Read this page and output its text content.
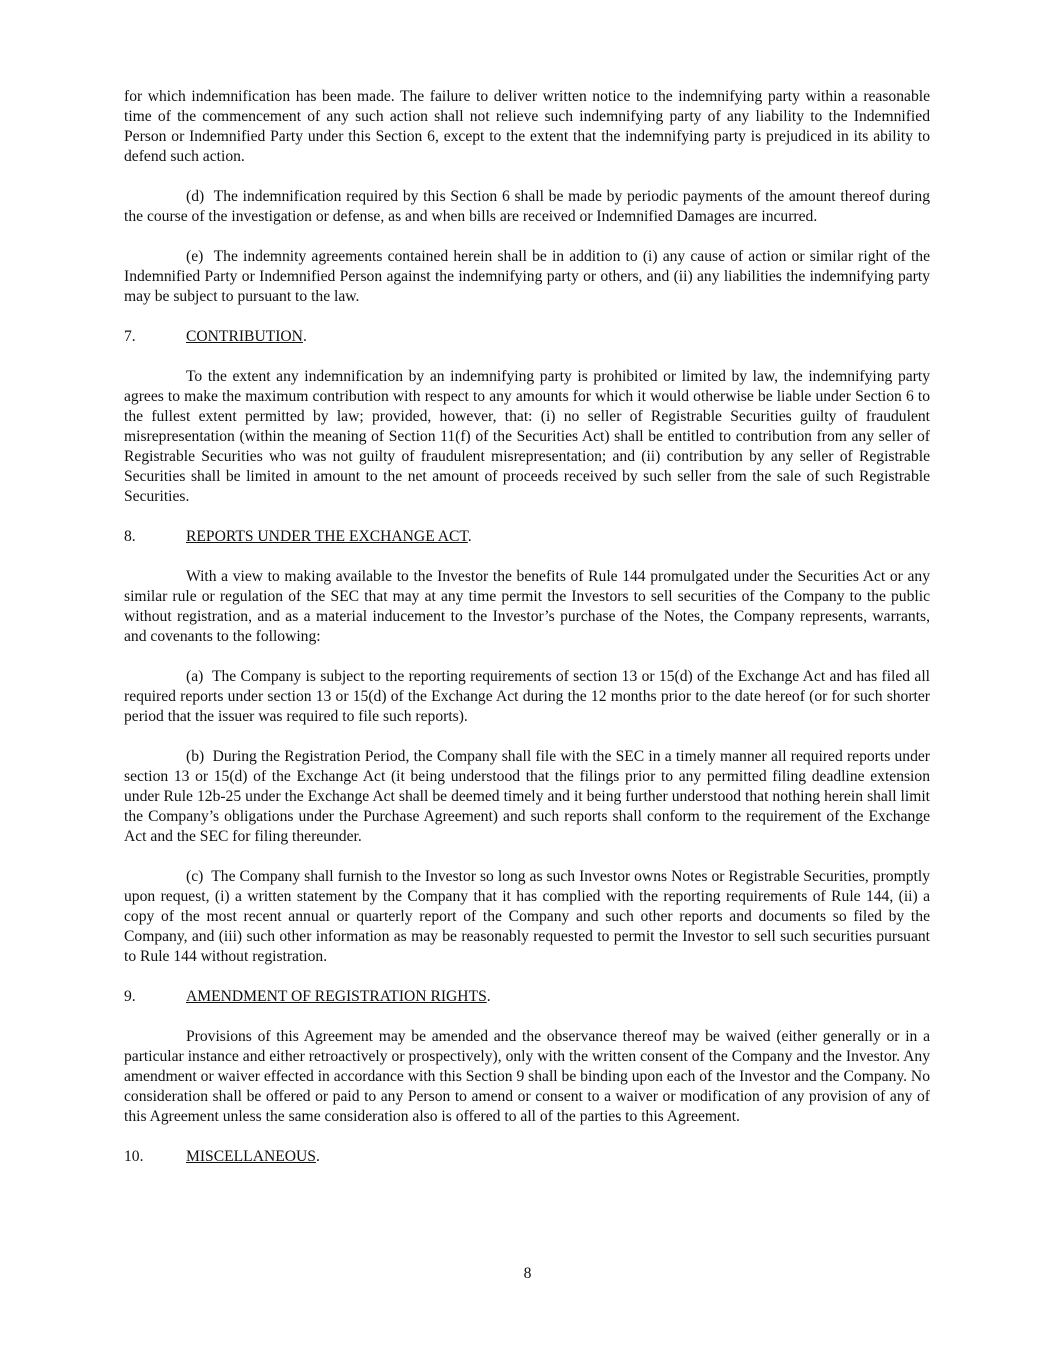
for which indemnification has been made. The failure to deliver written notice to the indemnifying party within a reasonable time of the commencement of any such action shall not relieve such indemnifying party of any liability to the Indemnified Person or Indemnified Party under this Section 6, except to the extent that the indemnifying party is prejudiced in its ability to defend such action.

(d)  The indemnification required by this Section 6 shall be made by periodic payments of the amount thereof during the course of the investigation or defense, as and when bills are received or Indemnified Damages are incurred.

(e)  The indemnity agreements contained herein shall be in addition to (i) any cause of action or similar right of the Indemnified Party or Indemnified Person against the indemnifying party or others, and (ii) any liabilities the indemnifying party may be subject to pursuant to the law.

7.	CONTRIBUTION.

To the extent any indemnification by an indemnifying party is prohibited or limited by law, the indemnifying party agrees to make the maximum contribution with respect to any amounts for which it would otherwise be liable under Section 6 to the fullest extent permitted by law; provided, however, that: (i) no seller of Registrable Securities guilty of fraudulent misrepresentation (within the meaning of Section 11(f) of the Securities Act) shall be entitled to contribution from any seller of Registrable Securities who was not guilty of fraudulent misrepresentation; and (ii) contribution by any seller of Registrable Securities shall be limited in amount to the net amount of proceeds received by such seller from the sale of such Registrable Securities.

8.	REPORTS UNDER THE EXCHANGE ACT.

With a view to making available to the Investor the benefits of Rule 144 promulgated under the Securities Act or any similar rule or regulation of the SEC that may at any time permit the Investors to sell securities of the Company to the public without registration, and as a material inducement to the Investor’s purchase of the Notes, the Company represents, warrants, and covenants to the following:

(a)  The Company is subject to the reporting requirements of section 13 or 15(d) of the Exchange Act and has filed all required reports under section 13 or 15(d) of the Exchange Act during the 12 months prior to the date hereof (or for such shorter period that the issuer was required to file such reports).

(b)  During the Registration Period, the Company shall file with the SEC in a timely manner all required reports under section 13 or 15(d) of the Exchange Act (it being understood that the filings prior to any permitted filing deadline extension under Rule 12b-25 under the Exchange Act shall be deemed timely and it being further understood that nothing herein shall limit the Company’s obligations under the Purchase Agreement) and such reports shall conform to the requirement of the Exchange Act and the SEC for filing thereunder.

(c)  The Company shall furnish to the Investor so long as such Investor owns Notes or Registrable Securities, promptly upon request, (i) a written statement by the Company that it has complied with the reporting requirements of Rule 144, (ii) a copy of the most recent annual or quarterly report of the Company and such other reports and documents so filed by the Company, and (iii) such other information as may be reasonably requested to permit the Investor to sell such securities pursuant to Rule 144 without registration.

9.	AMENDMENT OF REGISTRATION RIGHTS.

Provisions of this Agreement may be amended and the observance thereof may be waived (either generally or in a particular instance and either retroactively or prospectively), only with the written consent of the Company and the Investor. Any amendment or waiver effected in accordance with this Section 9 shall be binding upon each of the Investor and the Company. No consideration shall be offered or paid to any Person to amend or consent to a waiver or modification of any provision of any of this Agreement unless the same consideration also is offered to all of the parties to this Agreement.

10.	MISCELLANEOUS.
8
